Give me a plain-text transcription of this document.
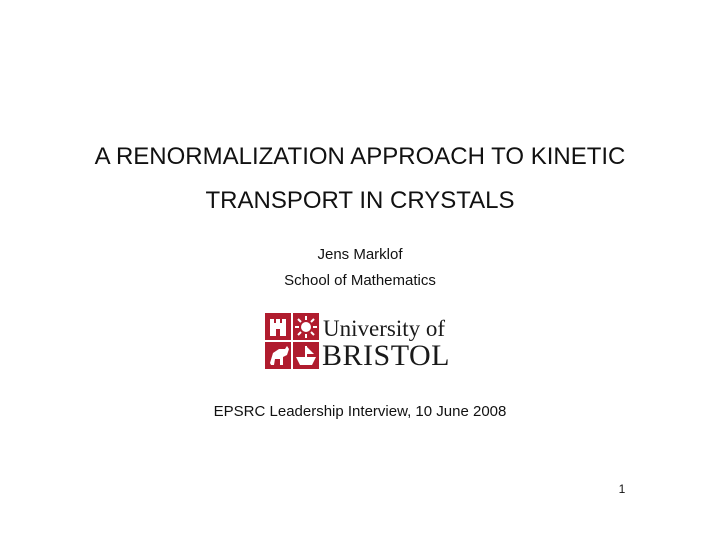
A RENORMALIZATION APPROACH TO KINETIC
TRANSPORT IN CRYSTALS
Jens Marklof
School of Mathematics
University of
BRISTOL
EPSRC Leadership Interview, 10 June 2008
1
